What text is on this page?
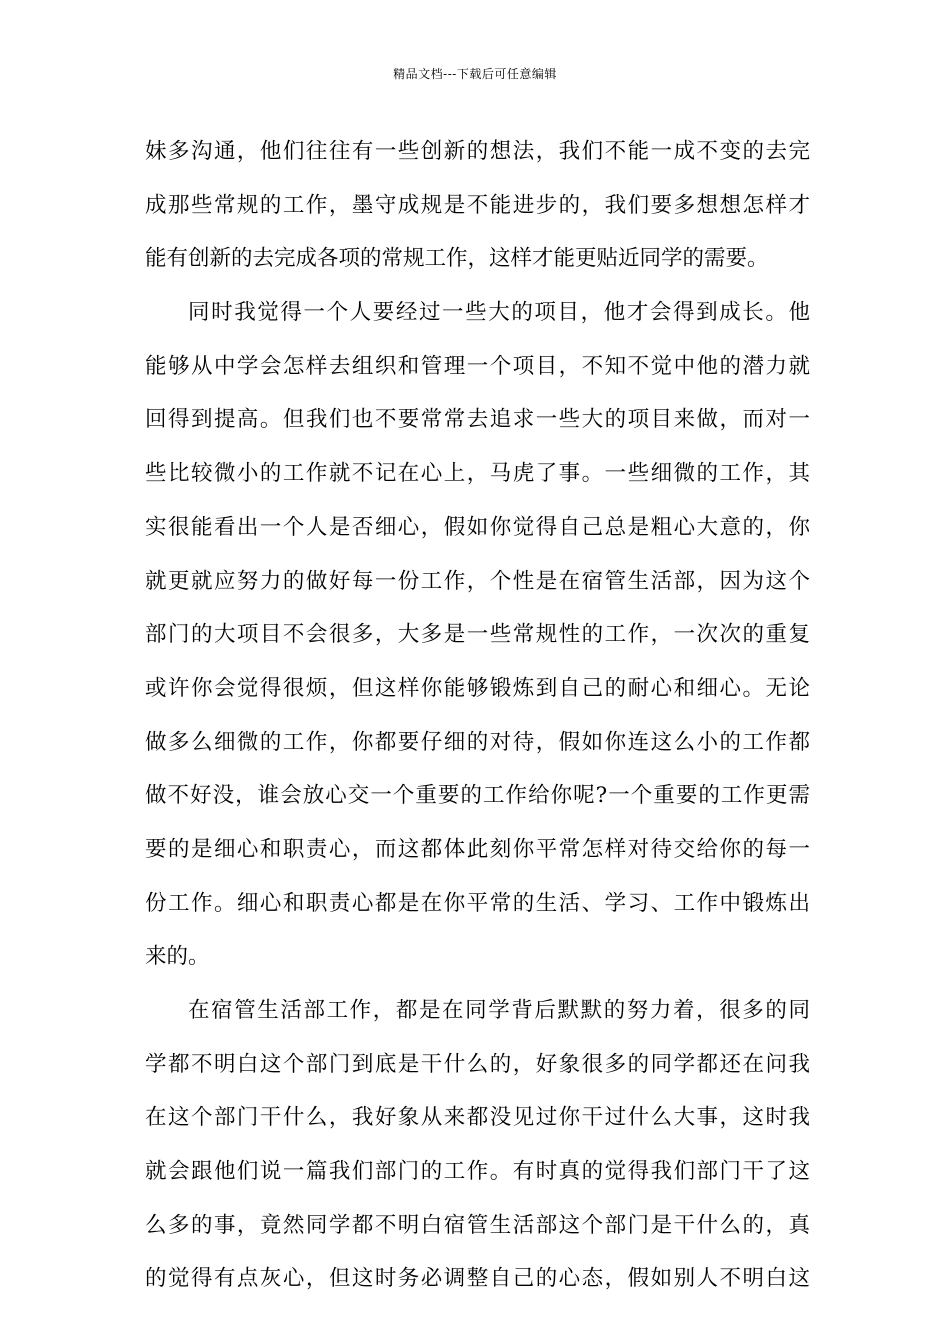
精品文档---下载后可任意编辑
妹多沟通，他们往往有一些创新的想法，我们不能一成不变的去完
成那些常规的工作，墨守成规是不能进步的，我们要多想想怎样才
能有创新的去完成各项的常规工作，这样才能更贴近同学的需要。
同时我觉得一个人要经过一些大的项目，他才会得到成长。他
能够从中学会怎样去组织和管理一个项目，不知不觉中他的潜力就
回得到提高。但我们也不要常常去追求一些大的项目来做，而对一
些比较微小的工作就不记在心上，马虎了事。一些细微的工作，其
实很能看出一个人是否细心，假如你觉得自己总是粗心大意的，你
就更就应努力的做好每一份工作，个性是在宿管生活部，因为这个
部门的大项目不会很多，大多是一些常规性的工作，一次次的重复
或许你会觉得很烦，但这样你能够锻炼到自己的耐心和细心。无论
做多么细微的工作，你都要仔细的对待，假如你连这么小的工作都
做不好没，谁会放心交一个重要的工作给你呢?一个重要的工作更需
要的是细心和职责心，而这都体此刻你平常怎样对待交给你的每一
份工作。细心和职责心都是在你平常的生活、学习、工作中锻炼出
来的。
在宿管生活部工作，都是在同学背后默默的努力着，很多的同
学都不明白这个部门到底是干什么的，好象很多的同学都还在问我
在这个部门干什么，我好象从来都没见过你干过什么大事，这时我
就会跟他们说一篇我们部门的工作。有时真的觉得我们部门干了这
么多的事，竟然同学都不明白宿管生活部这个部门是干什么的，真
的觉得有点灰心，但这时务必调整自己的心态，假如别人不明白这
